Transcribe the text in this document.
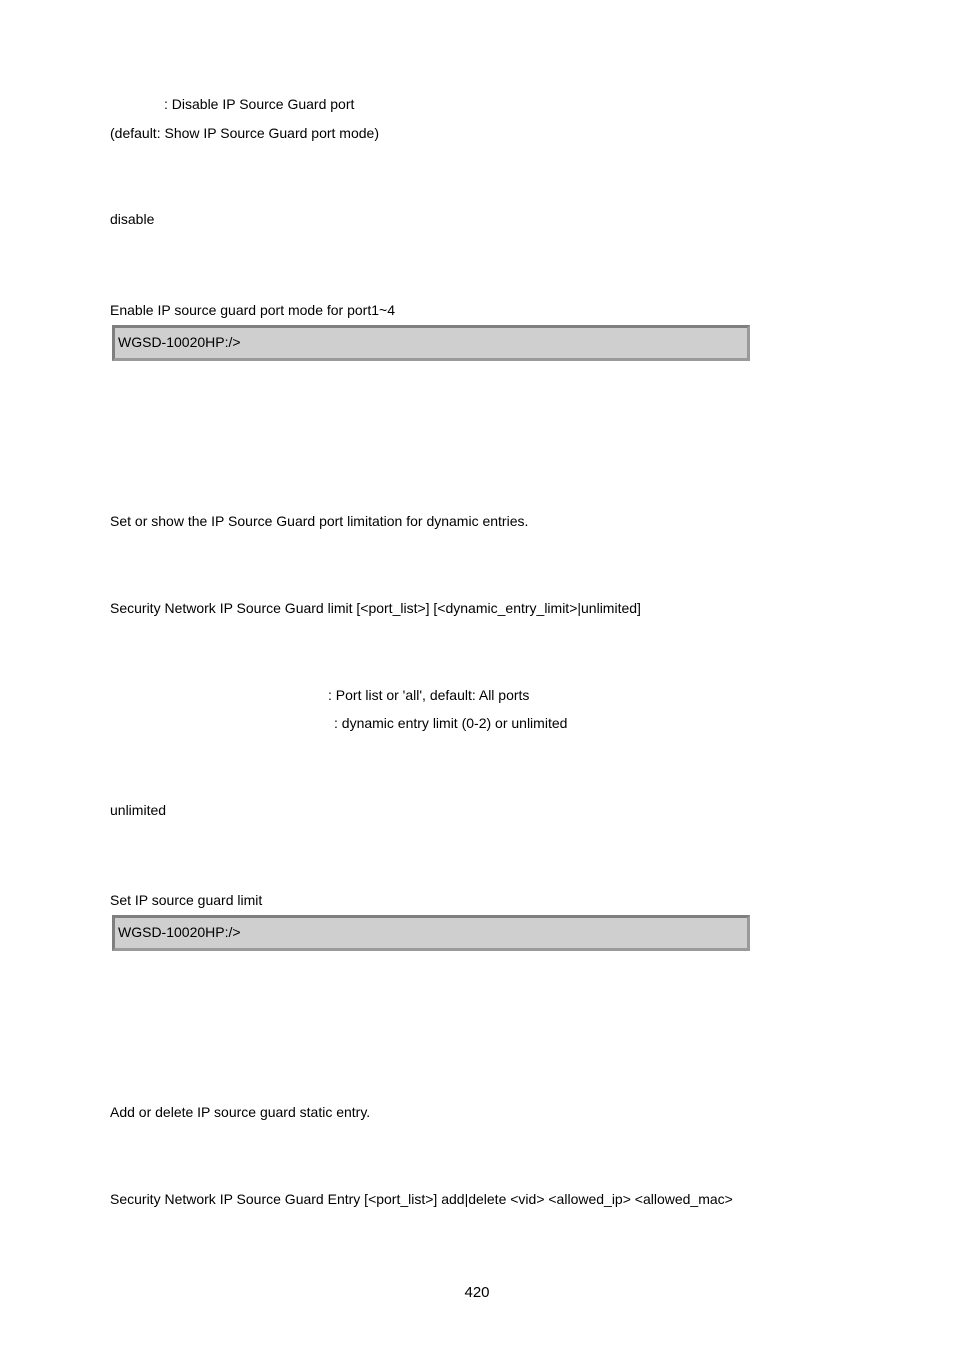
: Disable IP Source Guard port
(default: Show IP Source Guard port mode)
disable
Enable IP source guard port mode for port1~4
WGSD-10020HP:/>
Set or show the IP Source Guard port limitation for dynamic entries.
Security Network IP Source Guard limit [<port_list>] [<dynamic_entry_limit>|unlimited]
: Port list or 'all', default: All ports
: dynamic entry limit (0-2) or unlimited
unlimited
Set IP source guard limit
WGSD-10020HP:/>
Add or delete IP source guard static entry.
Security Network IP Source Guard Entry [<port_list>] add|delete <vid> <allowed_ip> <allowed_mac>
420
